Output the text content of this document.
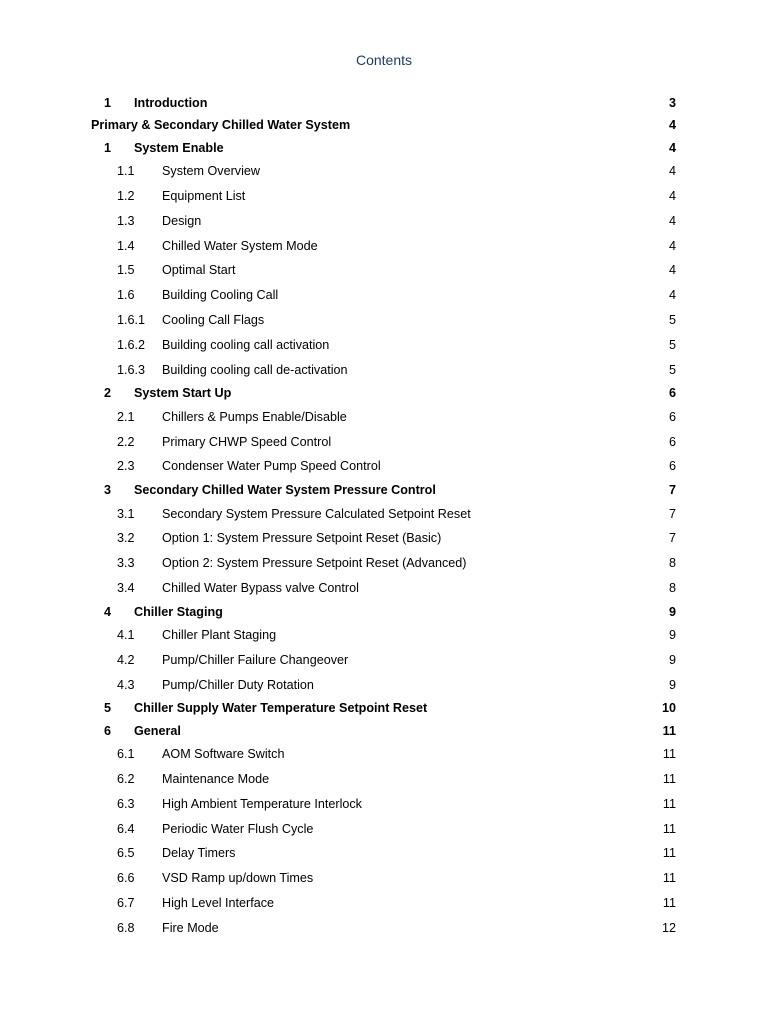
Contents
1 Introduction	3
Primary & Secondary Chilled Water System	4
1 System Enable	4
1.1 System Overview	4
1.2 Equipment List	4
1.3 Design	4
1.4 Chilled Water System Mode	4
1.5 Optimal Start	4
1.6 Building Cooling Call	4
1.6.1 Cooling Call Flags	5
1.6.2 Building cooling call activation	5
1.6.3 Building cooling call de-activation	5
2 System Start Up	6
2.1 Chillers & Pumps Enable/Disable	6
2.2 Primary CHWP Speed Control	6
2.3 Condenser Water Pump Speed Control	6
3 Secondary Chilled Water System Pressure Control	7
3.1 Secondary System Pressure Calculated Setpoint Reset	7
3.2 Option 1: System Pressure Setpoint Reset (Basic)	7
3.3 Option 2: System Pressure Setpoint Reset (Advanced)	8
3.4 Chilled Water Bypass valve Control	8
4 Chiller Staging	9
4.1 Chiller Plant Staging	9
4.2 Pump/Chiller Failure Changeover	9
4.3 Pump/Chiller Duty Rotation	9
5 Chiller Supply Water Temperature Setpoint Reset	10
6 General	11
6.1 AOM Software Switch	11
6.2 Maintenance Mode	11
6.3 High Ambient Temperature Interlock	11
6.4 Periodic Water Flush Cycle	11
6.5 Delay Timers	11
6.6 VSD Ramp up/down Times	11
6.7 High Level Interface	11
6.8 Fire Mode	12
